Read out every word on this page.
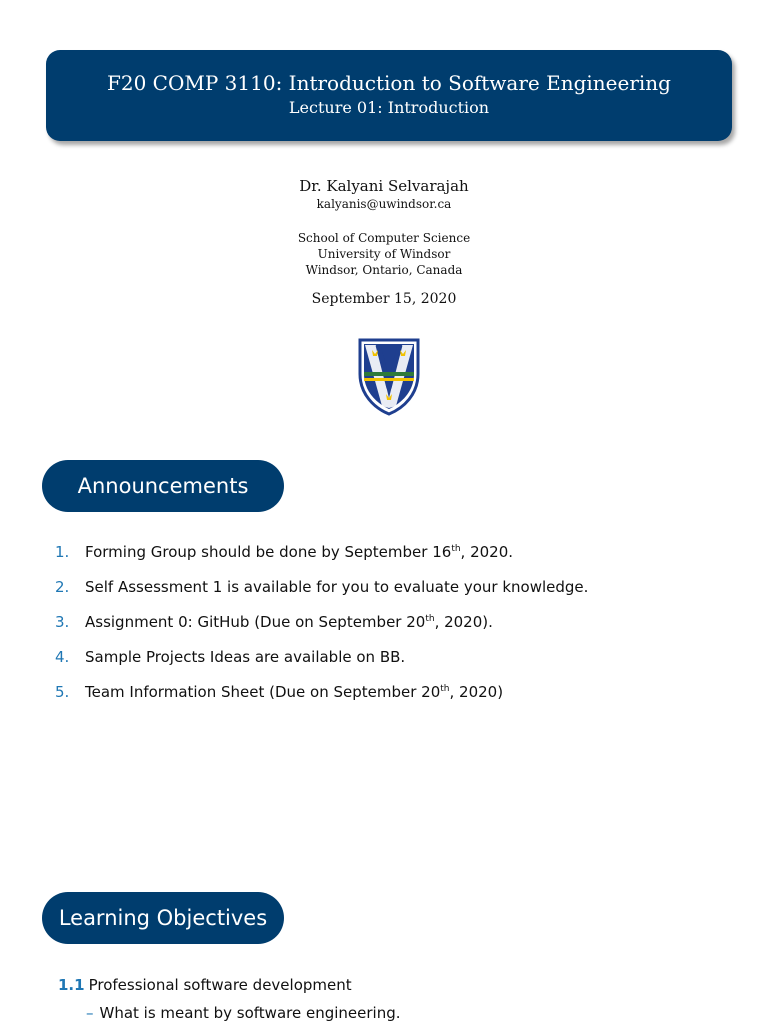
F20 COMP 3110: Introduction to Software Engineering
Lecture 01: Introduction
Dr. Kalyani Selvarajah
kalyanis@uwindsor.ca
School of Computer Science
University of Windsor
Windsor, Ontario, Canada
September 15, 2020
Announcements
1. Forming Group should be done by September 16th, 2020.
2. Self Assessment 1 is available for you to evaluate your knowledge.
3. Assignment 0: GitHub (Due on September 20th, 2020).
4. Sample Projects Ideas are available on BB.
5. Team Information Sheet (Due on September 20th, 2020)
Learning Objectives
1.1 Professional software development
– What is meant by software engineering.
